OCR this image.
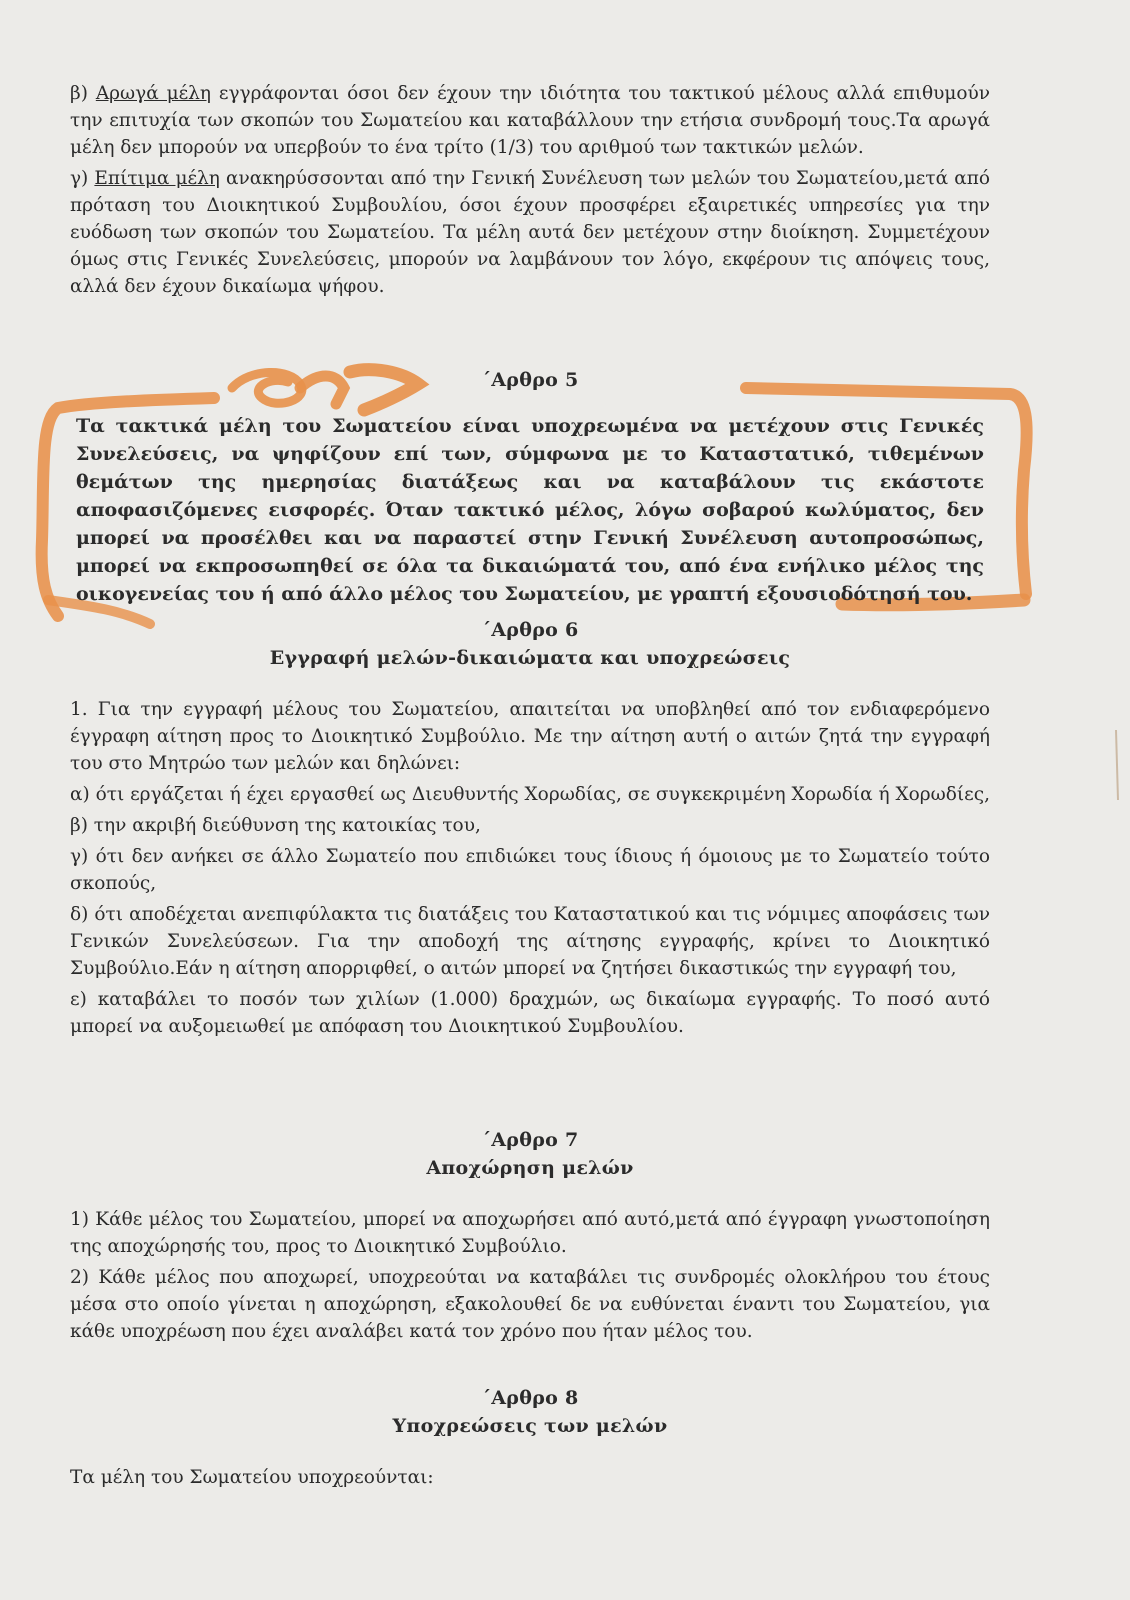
β) Αρωγά μέλη εγγράφονται όσοι δεν έχουν την ιδιότητα του τακτικού μέλους αλλά επιθυμούν την επιτυχία των σκοπών του Σωματείου και καταβάλλουν την ετήσια συνδρομή τους.Τα αρωγά μέλη δεν μπορούν να υπερβούν το ένα τρίτο (1/3) του αριθμού των τακτικών μελών.

γ) Επίτιμα μέλη ανακηρύσσονται από την Γενική Συνέλευση των μελών του Σωματείου,μετά από πρόταση του Διοικητικού Συμβουλίου, όσοι έχουν προσφέρει εξαιρετικές υπηρεσίες για την ευόδωση των σκοπών του Σωματείου. Τα μέλη αυτά δεν μετέχουν στην διοίκηση. Συμμετέχουν όμως στις Γενικές Συνελεύσεις, μπορούν να λαμβάνουν τον λόγο, εκφέρουν τις απόψεις τους, αλλά δεν έχουν δικαίωμα ψήφου.

΄Αρθρο 5

Τα τακτικά μέλη του Σωματείου είναι υποχρεωμένα να μετέχουν στις Γενικές Συνελεύσεις, να ψηφίζουν επί των, σύμφωνα με το Καταστατικό, τιθεμένων θεμάτων της ημερησίας διατάξεως και να καταβάλουν τις εκάστοτε αποφασιζόμενες εισφορές. Όταν τακτικό μέλος, λόγω σοβαρού κωλύματος, δεν μπορεί να προσέλθει και να παραστεί στην Γενική Συνέλευση αυτοπροσώπως, μπορεί να εκπροσωπηθεί σε όλα τα δικαιώματά του, από ένα ενήλικο μέλος της οικογενείας του ή από άλλο μέλος του Σωματείου, με γραπτή εξουσιοδότησή του.

΄Αρθρο 6
Εγγραφή μελών-δικαιώματα και υποχρεώσεις

1. Για την εγγραφή μέλους του Σωματείου, απαιτείται να υποβληθεί από τον ενδιαφερόμενο έγγραφη αίτηση προς το Διοικητικό Συμβούλιο. Με την αίτηση αυτή ο αιτών ζητά την εγγραφή του στο Μητρώο των μελών και δηλώνει:

α) ότι εργάζεται ή έχει εργασθεί ως Διευθυντής Χορωδίας, σε συγκεκριμένη Χορωδία ή Χορωδίες,

β) την ακριβή διεύθυνση της κατοικίας του,

γ) ότι δεν ανήκει σε άλλο Σωματείο που επιδιώκει τους ίδιους ή όμοιους με το Σωματείο τούτο σκοπούς,

δ) ότι αποδέχεται ανεπιφύλακτα τις διατάξεις του Καταστατικού και τις νόμιμες αποφάσεις των Γενικών Συνελεύσεων. Για την αποδοχή της αίτησης εγγραφής, κρίνει το Διοικητικό Συμβούλιο.Εάν η αίτηση απορριφθεί, ο αιτών μπορεί να ζητήσει δικαστικώς την εγγραφή του,

ε) καταβάλει το ποσόν των χιλίων (1.000) δραχμών, ως δικαίωμα εγγραφής. Το ποσό αυτό μπορεί να αυξομειωθεί με απόφαση του Διοικητικού Συμβουλίου.

΄Αρθρο 7
Αποχώρηση μελών

1) Κάθε μέλος του Σωματείου, μπορεί να αποχωρήσει από αυτό,μετά από έγγραφη γνωστοποίηση της αποχώρησής του, προς το Διοικητικό Συμβούλιο.

2) Κάθε μέλος που αποχωρεί, υποχρεούται να καταβάλει τις συνδρομές ολοκλήρου του έτους μέσα στο οποίο γίνεται η αποχώρηση, εξακολουθεί δε να ευθύνεται έναντι του Σωματείου, για κάθε υποχρέωση που έχει αναλάβει κατά τον χρόνο που ήταν μέλος του.

΄Αρθρο 8
Υποχρεώσεις των μελών

Τα μέλη του Σωματείου υποχρεούνται:
